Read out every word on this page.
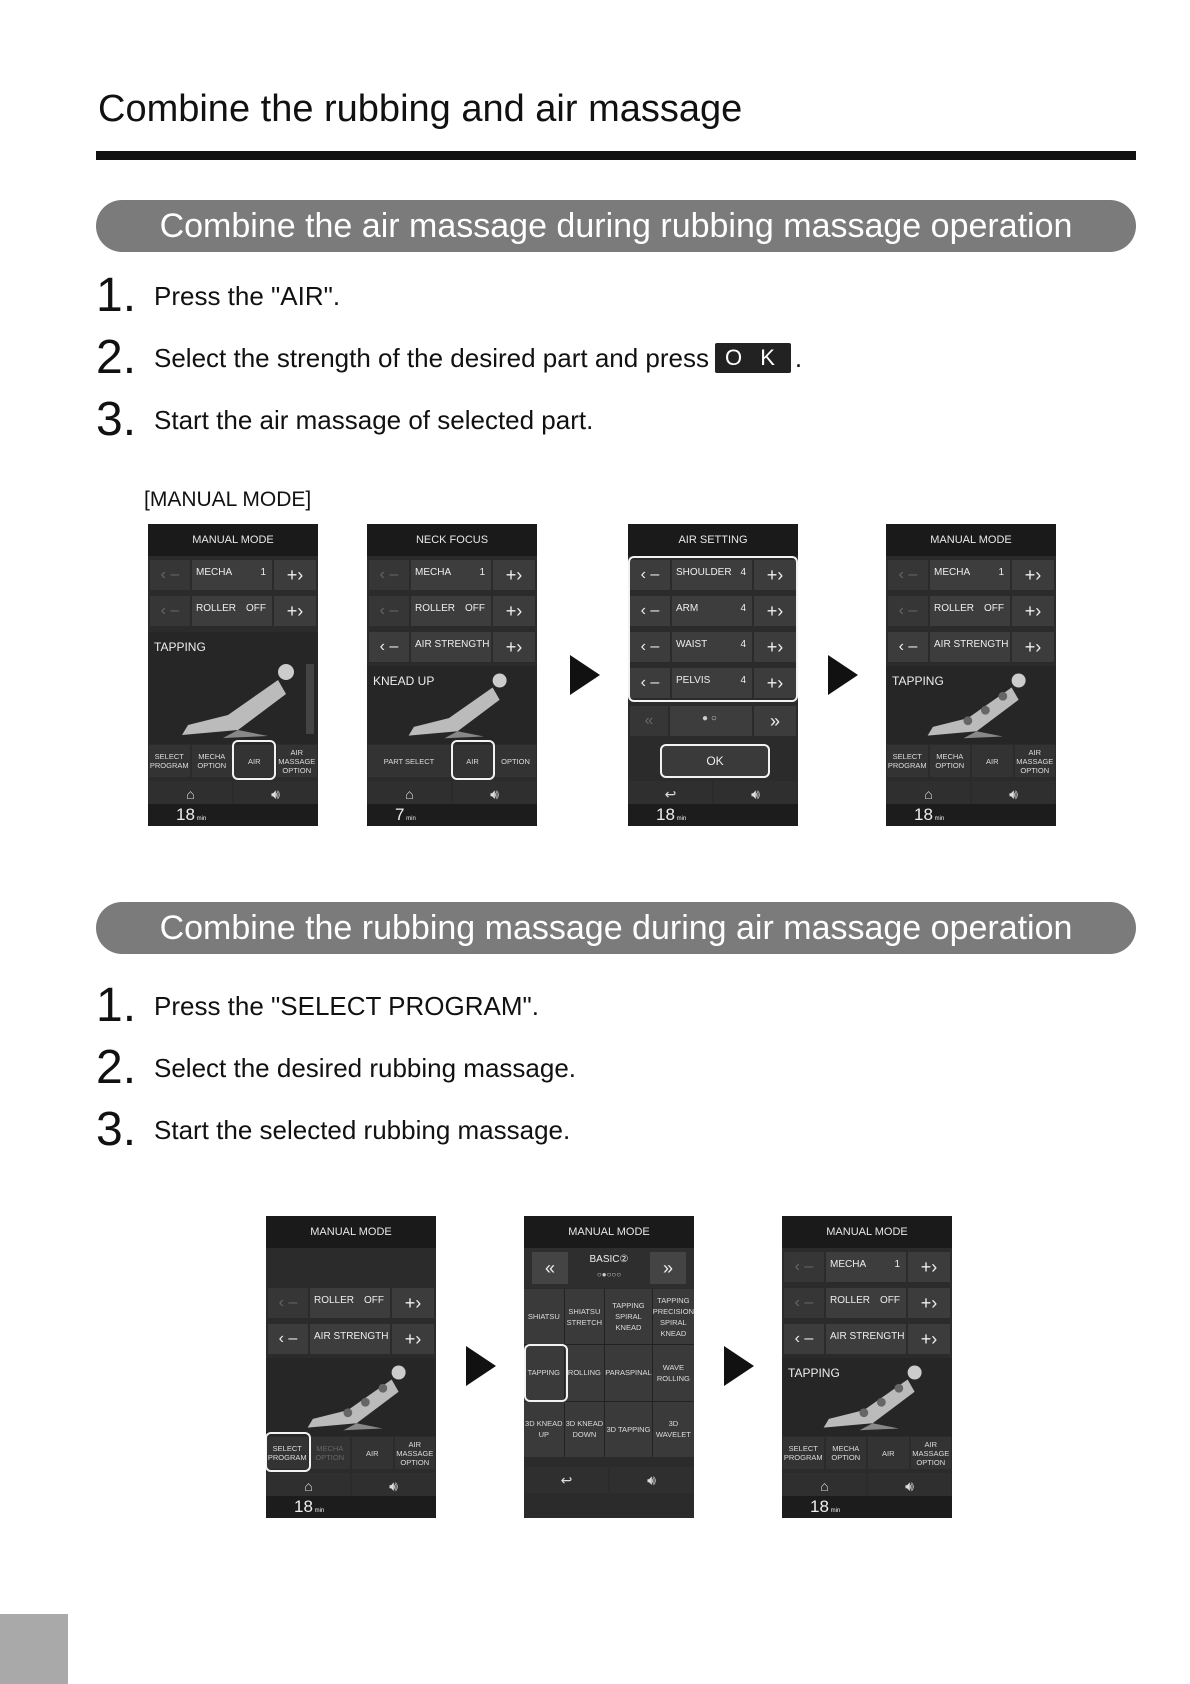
Combine the rubbing and air massage
Combine the air massage during rubbing massage operation
1. Press the "AIR".
2. Select the strength of the desired part and press O K .
3. Start the air massage of selected part.
[MANUAL MODE]
MANUAL MODE
‹ –	MECHA	1	+›
‹ –	ROLLER OFF	+›
TAPPING
SELECT PROGRAM
MECHA OPTION	AIR
AIR MASSAGE OPTION
⌂	🔊︎
18 min
NECK FOCUS
‹ –	MECHA	1	+›
‹ –	ROLLER OFF	+›
‹ –	AIR STRENGTH +›
KNEAD UP
PART SELECT	AIR	OPTION
⌂	🔊︎
7 min
AIR SETTING
‹ –	SHOULDER 4	+›
‹ –	ARM	4	+›
‹ –	WAIST	4	+›
‹ –	PELVIS	4	+›
«	● ○	»
OK
↩	🔊︎
18 min
MANUAL MODE
‹ –	MECHA	1	+›
‹ –	ROLLER OFF	+›
‹ –	AIR STRENGTH +›
TAPPING
SELECT PROGRAM
MECHA OPTION	AIR
AIR MASSAGE OPTION
⌂	🔊︎
18 min
Combine the rubbing massage during air massage operation
1. Press the "SELECT PROGRAM".
2. Select the desired rubbing massage.
3. Start the selected rubbing massage.
MANUAL MODE
‹ –	ROLLER OFF	+›
‹ –	AIR STRENGTH +›
SELECT PROGRAM
MECHA OPTION	AIR
AIR MASSAGE OPTION
⌂	🔊︎
18 min
MANUAL MODE
«	BASIC②
○●○○○	»
SHIATSU
SHIATSU STRETCH
TAPPING SPIRAL KNEAD
TAPPING PRECISION SPIRAL KNEAD
TAPPING	ROLLING PARASPINAL
WAVE ROLLING
3D KNEAD UP
3D KNEAD DOWN
3D TAPPING
3D WAVELET
↩	🔊︎
MANUAL MODE
‹ –	MECHA	1	+›
‹ –	ROLLER OFF	+›
‹ –	AIR STRENGTH +›
TAPPING
SELECT PROGRAM
MECHA OPTION	AIR
AIR MASSAGE OPTION
⌂	🔊︎
18 min
